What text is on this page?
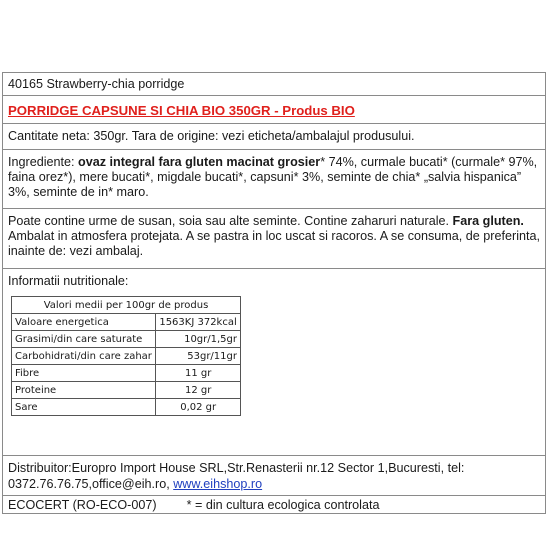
40165 Strawberry-chia porridge
PORRIDGE CAPSUNE SI CHIA BIO 350GR - Produs BIO
Cantitate neta: 350gr. Tara de origine: vezi eticheta/ambalajul produsului.
Ingrediente: ovaz integral fara gluten macinat grosier* 74%, curmale bucati* (curmale* 97%, faina orez*), mere bucati*, migdale bucati*, capsuni* 3%, seminte de chia* „salvia hispanica” 3%, seminte de in* maro.
Poate contine urme de susan, soia sau alte seminte. Contine zaharuri naturale. Fara gluten. Ambalat in atmosfera protejata. A se pastra in loc uscat si racoros. A se consuma, de preferinta, inainte de: vezi ambalaj.
Informatii nutritionale:
Valori medii per 100gr de produs	
Valoare energetica	1563KJ 372kcal
Grasimi/din care saturate	10gr/1,5gr
Carbohidrati/din care zahar	53gr/11gr
Fibre	11 gr
Proteine	12 gr
Sare	0,02 gr
Distribuitor:Europro Import House SRL,Str.Renasterii nr.12 Sector 1,Bucuresti, tel: 0372.76.76.75,office@eih.ro, www.eihshop.ro
ECOCERT (RO-ECO-007) * = din cultura ecologica controlata
